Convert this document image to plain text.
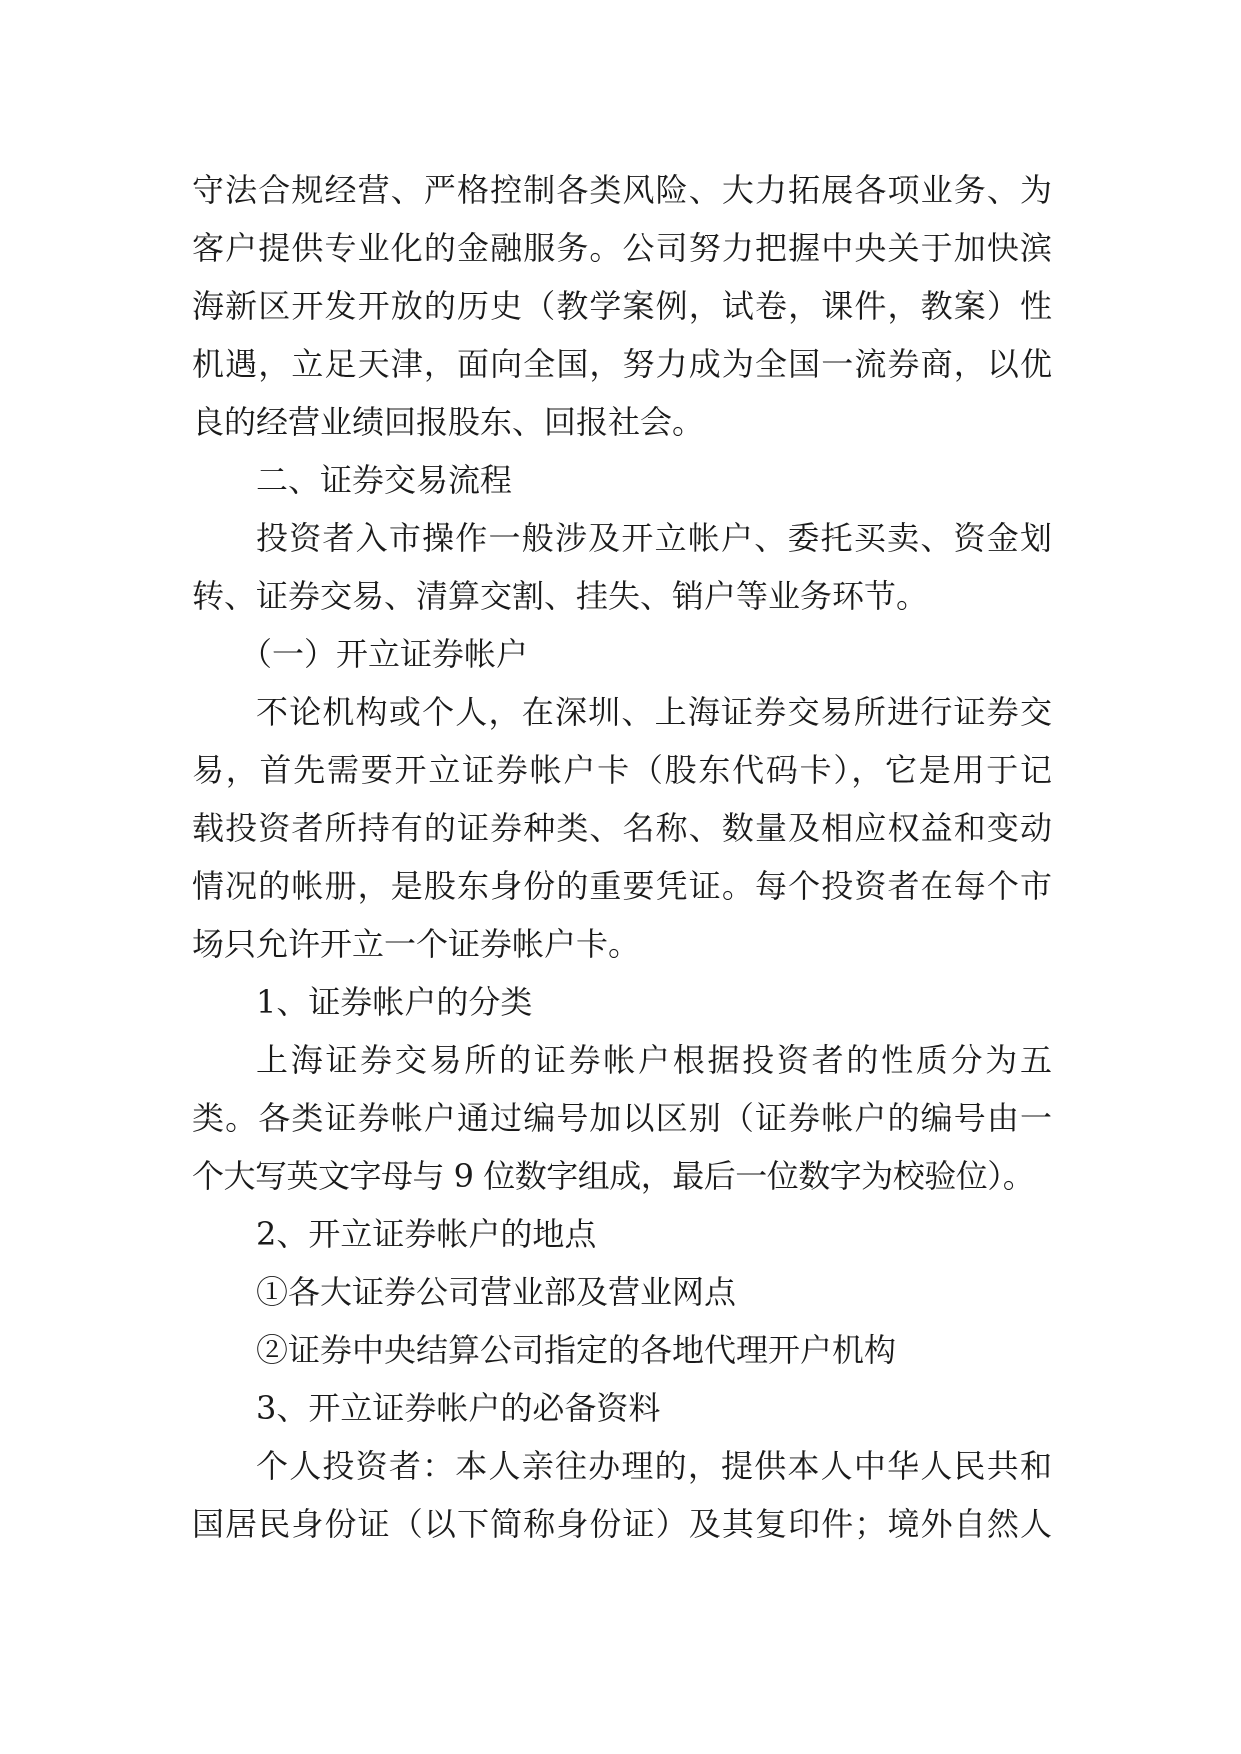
守法合规经营、严格控制各类风险、大力拓展各项业务、为
客户提供专业化的金融服务。公司努力把握中央关于加快滨
海新区开发开放的历史（教学案例，试卷，课件，教案）性
机遇，立足天津，面向全国，努力成为全国一流券商，以优
良的经营业绩回报股东、回报社会。
二、证券交易流程
投资者入市操作一般涉及开立帐户、委托买卖、资金划
转、证券交易、清算交割、挂失、销户等业务环节。
（一）开立证券帐户
不论机构或个人，在深圳、上海证券交易所进行证券交
易，首先需要开立证券帐户卡（股东代码卡），它是用于记
载投资者所持有的证券种类、名称、数量及相应权益和变动
情况的帐册，是股东身份的重要凭证。每个投资者在每个市
场只允许开立一个证券帐户卡。
1、证券帐户的分类
上海证券交易所的证券帐户根据投资者的性质分为五
类。各类证券帐户通过编号加以区别（证券帐户的编号由一
个大写英文字母与 9 位数字组成，最后一位数字为校验位）。
2、开立证券帐户的地点
①各大证券公司营业部及营业网点
②证券中央结算公司指定的各地代理开户机构
3、开立证券帐户的必备资料
个人投资者：本人亲往办理的，提供本人中华人民共和
国居民身份证（以下简称身份证）及其复印件；境外自然人
